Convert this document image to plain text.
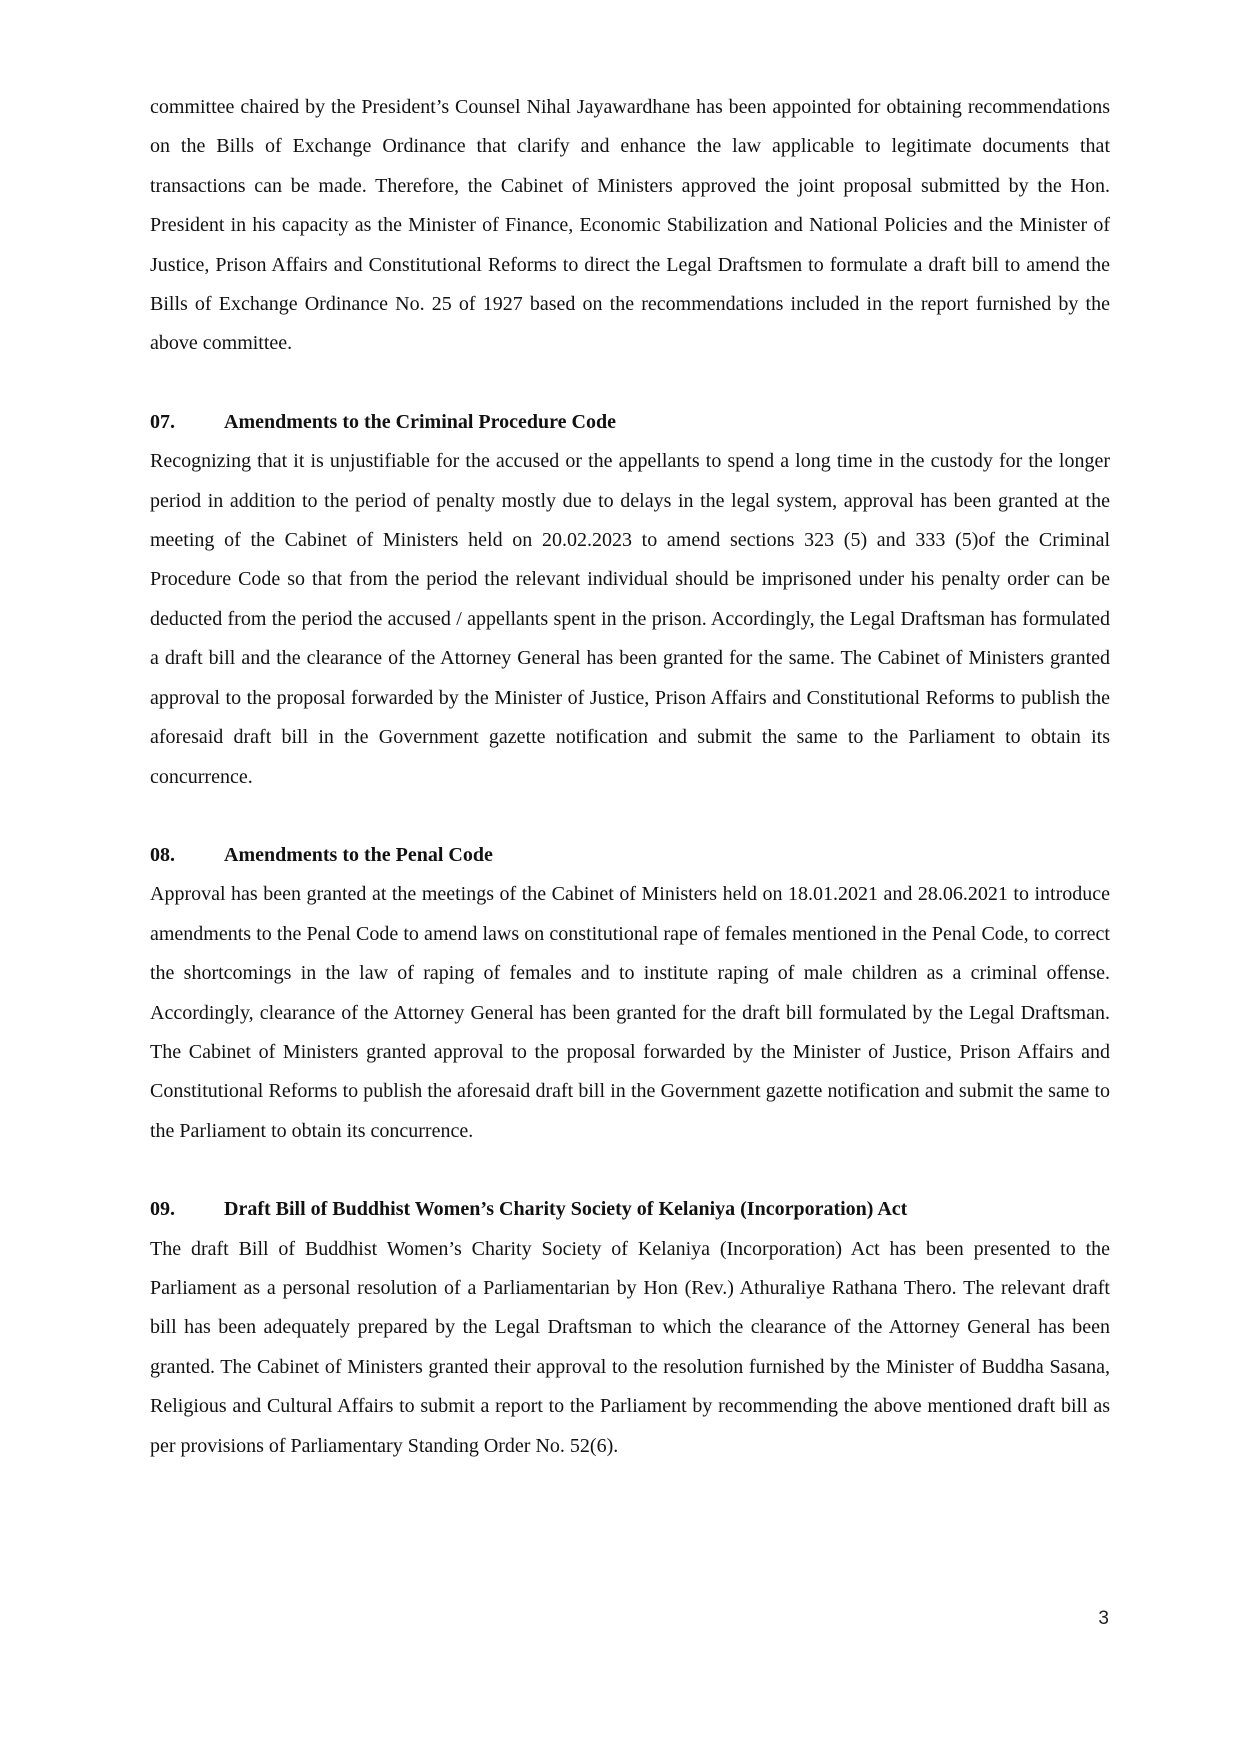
committee chaired by the President’s Counsel Nihal Jayawardhane has been appointed for obtaining recommendations on the Bills of Exchange Ordinance that clarify and enhance the law applicable to legitimate documents that transactions can be made. Therefore, the Cabinet of Ministers approved the joint proposal submitted by the Hon. President in his capacity as the Minister of Finance, Economic Stabilization and National Policies and the Minister of Justice, Prison Affairs and Constitutional Reforms to direct the Legal Draftsmen to formulate a draft bill to amend the Bills of Exchange Ordinance No. 25 of 1927 based on the recommendations included in the report furnished by the above committee.

07.	Amendments to the Criminal Procedure Code

Recognizing that it is unjustifiable for the accused or the appellants to spend a long time in the custody for the longer period in addition to the period of penalty mostly due to delays in the legal system, approval has been granted at the meeting of the Cabinet of Ministers held on 20.02.2023 to amend sections 323 (5) and 333 (5)of the Criminal Procedure Code so that from the period the relevant individual should be imprisoned under his penalty order can be deducted from the period the accused / appellants spent in the prison. Accordingly, the Legal Draftsman has formulated a draft bill and the clearance of the Attorney General has been granted for the same. The Cabinet of Ministers granted approval to the proposal forwarded by the Minister of Justice, Prison Affairs and Constitutional Reforms to publish the aforesaid draft bill in the Government gazette notification and submit the same to the Parliament to obtain its concurrence.

08.	Amendments to the Penal Code

Approval has been granted at the meetings of the Cabinet of Ministers held on 18.01.2021 and 28.06.2021 to introduce amendments to the Penal Code to amend laws on constitutional rape of females mentioned in the Penal Code, to correct the shortcomings in the law of raping of females and to institute raping of male children as a criminal offense. Accordingly, clearance of the Attorney General has been granted for the draft bill formulated by the Legal Draftsman. The Cabinet of Ministers granted approval to the proposal forwarded by the Minister of Justice, Prison Affairs and Constitutional Reforms to publish the aforesaid draft bill in the Government gazette notification and submit the same to the Parliament to obtain its concurrence.

09.	Draft Bill of Buddhist Women’s Charity Society of Kelaniya (Incorporation) Act

The draft Bill of Buddhist Women’s Charity Society of Kelaniya (Incorporation) Act has been presented to the Parliament as a personal resolution of a Parliamentarian by Hon (Rev.) Athuraliye Rathana Thero. The relevant draft bill has been adequately prepared by the Legal Draftsman to which the clearance of the Attorney General has been granted. The Cabinet of Ministers granted their approval to the resolution furnished by the Minister of Buddha Sasana, Religious and Cultural Affairs to submit a report to the Parliament by recommending the above mentioned draft bill as per provisions of Parliamentary Standing Order No. 52(6).

3
